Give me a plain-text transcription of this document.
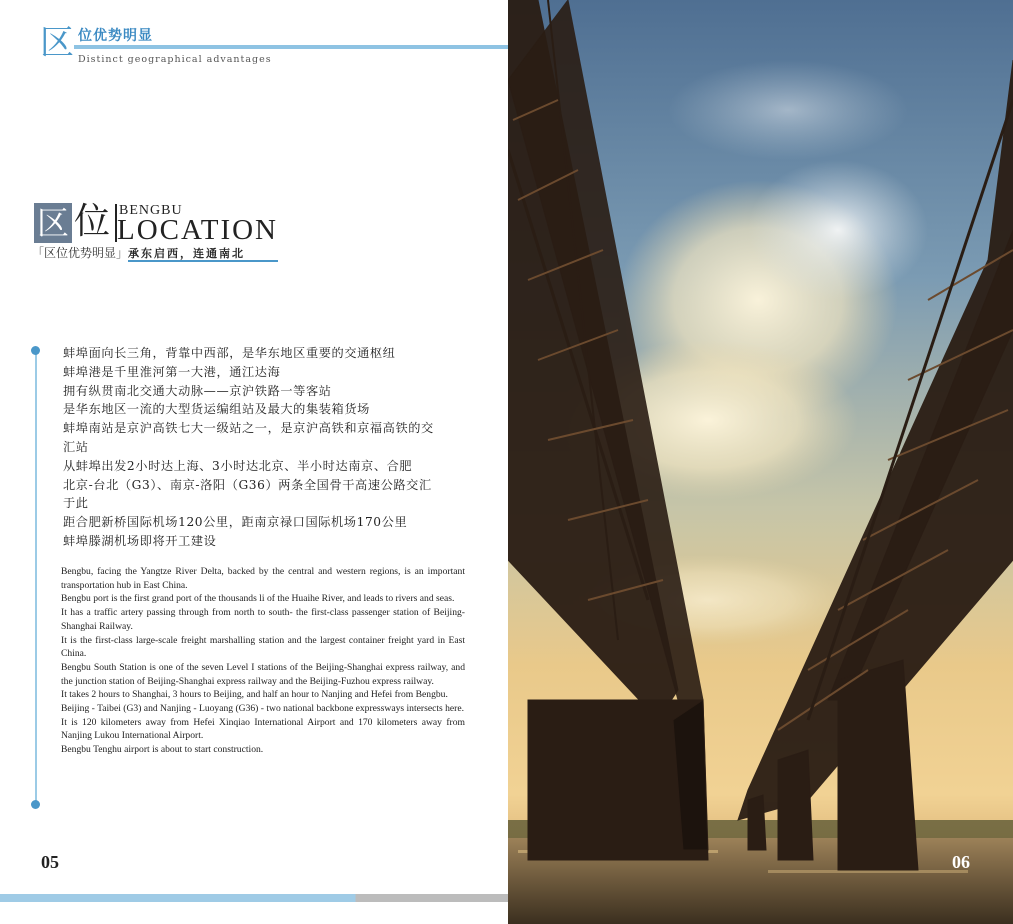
区 位优势明显
Distinct geographical advantages
区 位 BENGBU
LOCATION
「区位优势明显」 承东启西，连通南北
蚌埠面向长三角，背靠中西部，是华东地区重要的交通枢纽
蚌埠港是千里淮河第一大港，通江达海
拥有纵贯南北交通大动脉——京沪铁路一等客站
是华东地区一流的大型货运编组站及最大的集装箱货场
蚌埠南站是京沪高铁七大一级站之一，是京沪高铁和京福高铁的交
汇站
从蚌埠出发2小时达上海、3小时达北京、半小时达南京、合肥
北京-台北（G3）、南京-洛阳（G36）两条全国骨干高速公路交汇
于此
距合肥新桥国际机场120公里，距南京禄口国际机场170公里
蚌埠滕湖机场即将开工建设

Bengbu, facing the Yangtze River Delta, backed by the central and western regions, is an important transportation hub in East China.

Bengbu port is the first grand port of the thousands li of the Huaihe River, and leads to rivers and seas.

It has a traffic artery passing through from north to south- the first-class passenger station of Beijing-Shanghai Railway.

It is the first-class large-scale freight marshalling station and the largest container freight yard in East China.

Bengbu South Station is one of the seven Level I stations of the Beijing-Shanghai express railway, and the junction station of Beijing-Shanghai express railway and the Beijing-Fuzhou express railway.

It takes 2 hours to Shanghai, 3 hours to Beijing, and half an hour to Nanjing and Hefei from Bengbu.

Beijing - Taibei (G3) and Nanjing - Luoyang (G36) - two national backbone expressways intersects here.

It is 120 kilometers away from Hefei Xinqiao International Airport and 170 kilometers away from Nanjing Lukou International Airport.

Bengbu Tenghu airport is about to start construction.

05	06
